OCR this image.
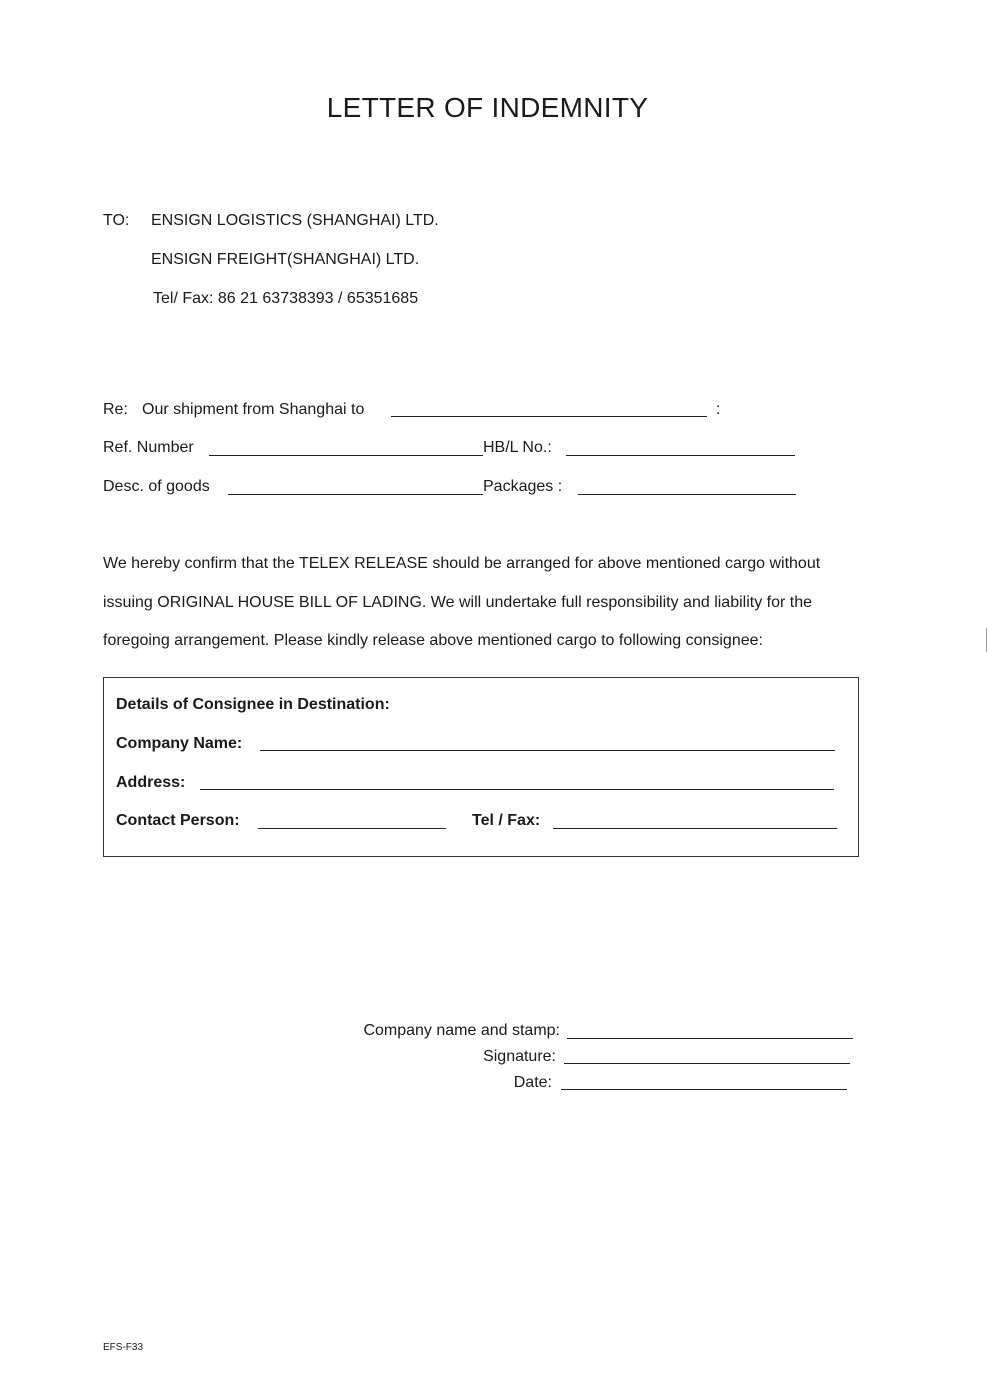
LETTER OF INDEMNITY
TO: ENSIGN LOGISTICS (SHANGHAI) LTD.
ENSIGN FREIGHT(SHANGHAI) LTD.
Tel/ Fax: 86 21 63738393 / 65351685
Re: Our shipment from Shanghai to	:
Ref. Number	HB/L No.:
Desc. of goods	Packages :
We hereby confirm that the TELEX RELEASE should be arranged for above mentioned cargo without
issuing ORIGINAL HOUSE BILL OF LADING. We will undertake full responsibility and liability for the
foregoing arrangement. Please kindly release above mentioned cargo to following consignee:
Details of Consignee in Destination:
Company Name:
Address:
Contact Person:	Tel / Fax:
Company name and stamp:
Signature:
Date:
EFS-F33
